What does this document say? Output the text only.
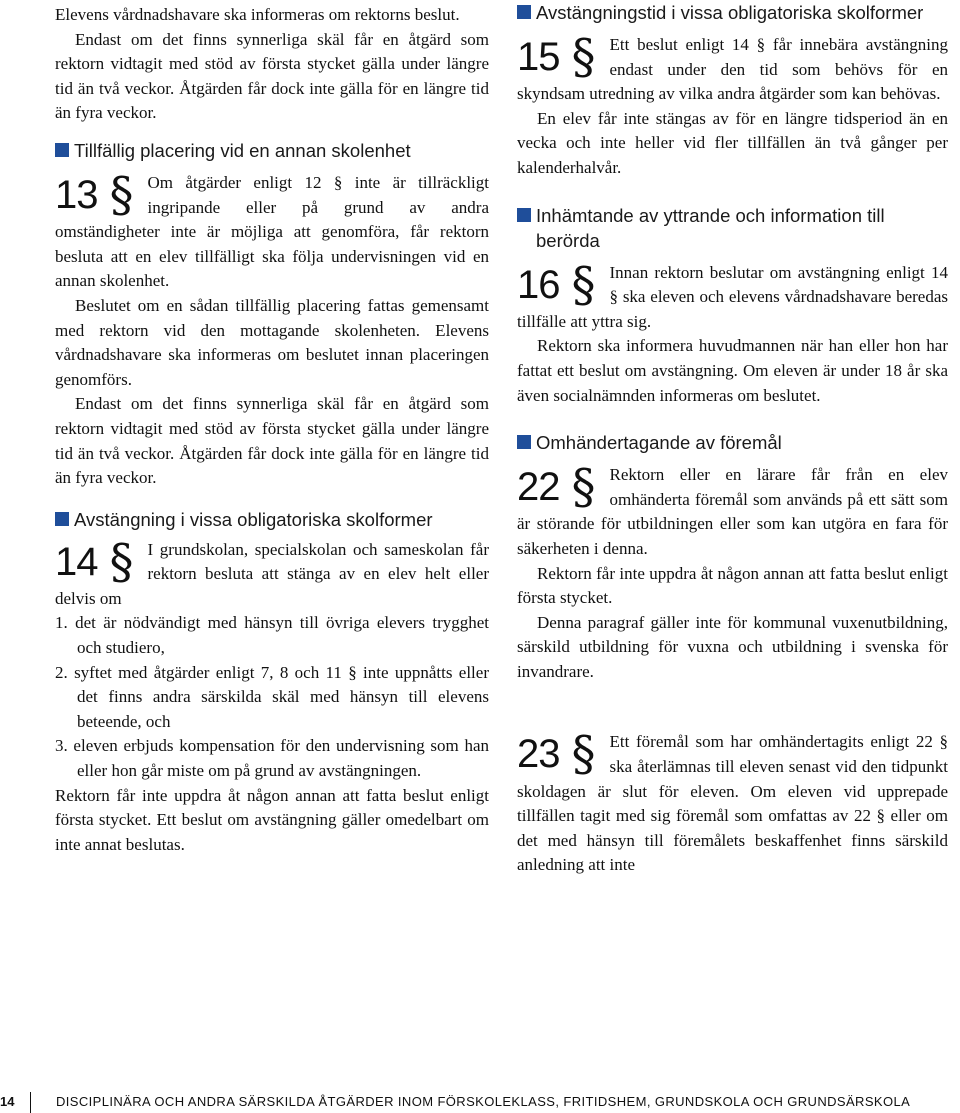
Elevens vårdnadshavare ska informeras om rektorns beslut.

Endast om det finns synnerliga skäl får en åtgärd som rektorn vidtagit med stöd av första stycket gälla under längre tid än två veckor. Åtgärden får dock inte gälla för en längre tid än fyra veckor.

Tillfällig placering vid en annan skolenhet
13 § Om åtgärder enligt 12 § inte är tillräckligt ingripande eller på grund av andra omständigheter inte är möjliga att genomföra, får rektorn besluta att en elev tillfälligt ska följa undervisningen vid en annan skolenhet.

Beslutet om en sådan tillfällig placering fattas gemensamt med rektorn vid den mottagande skolenheten. Elevens vårdnadshavare ska informeras om beslutet innan placeringen genomförs.

Endast om det finns synnerliga skäl får en åtgärd som rektorn vidtagit med stöd av första stycket gälla under längre tid än två veckor. Åtgärden får dock inte gälla för en längre tid än fyra veckor.

Avstängning i vissa obligatoriska skolformer
14 § I grundskolan, specialskolan och sameskolan får rektorn besluta att stänga av en elev helt eller delvis om

1. det är nödvändigt med hänsyn till övriga elevers trygghet och studiero,
2. syftet med åtgärder enligt 7, 8 och 11 § inte uppnåtts eller det finns andra särskilda skäl med hänsyn till elevens beteende, och
3. eleven erbjuds kompensation för den undervisning som han eller hon går miste om på grund av avstängningen.

Rektorn får inte uppdra åt någon annan att fatta beslut enligt första stycket. Ett beslut om avstängning gäller omedelbart om inte annat beslutas.

Avstängningstid i vissa obligatoriska skolformer
15 § Ett beslut enligt 14 § får innebära avstängning endast under den tid som behövs för en skyndsam utredning av vilka andra åtgärder som kan behövas.

En elev får inte stängas av för en längre tidsperiod än en vecka och inte heller vid fler tillfällen än två gånger per kalenderhalvår.

Inhämtande av yttrande och information till berörda
16 § Innan rektorn beslutar om avstängning enligt 14 § ska eleven och elevens vårdnadshavare beredas tillfälle att yttra sig.

Rektorn ska informera huvudmannen när han eller hon har fattat ett beslut om avstängning. Om eleven är under 18 år ska även socialnämnden informeras om beslutet.

Omhändertagande av föremål
22 § Rektorn eller en lärare får från en elev omhänderta föremål som används på ett sätt som är störande för utbildningen eller som kan utgöra en fara för säkerheten i denna.

Rektorn får inte uppdra åt någon annan att fatta beslut enligt första stycket.

Denna paragraf gäller inte för kommunal vuxenutbildning, särskild utbildning för vuxna och utbildning i svenska för invandrare.

23 § Ett föremål som har omhändertagits enligt 22 § ska återlämnas till eleven senast vid den tidpunkt skoldagen är slut för eleven. Om eleven vid upprepade tillfällen tagit med sig föremål som omfattas av 22 § eller om det med hänsyn till föremålets beskaffenhet finns särskild anledning att inte

14	DISCIPLINÄRA OCH ANDRA SÄRSKILDA ÅTGÄRDER INOM FÖRSKOLEKLASS, FRITIDSHEM, GRUNDSKOLA OCH GRUNDSÄRSKOLA
